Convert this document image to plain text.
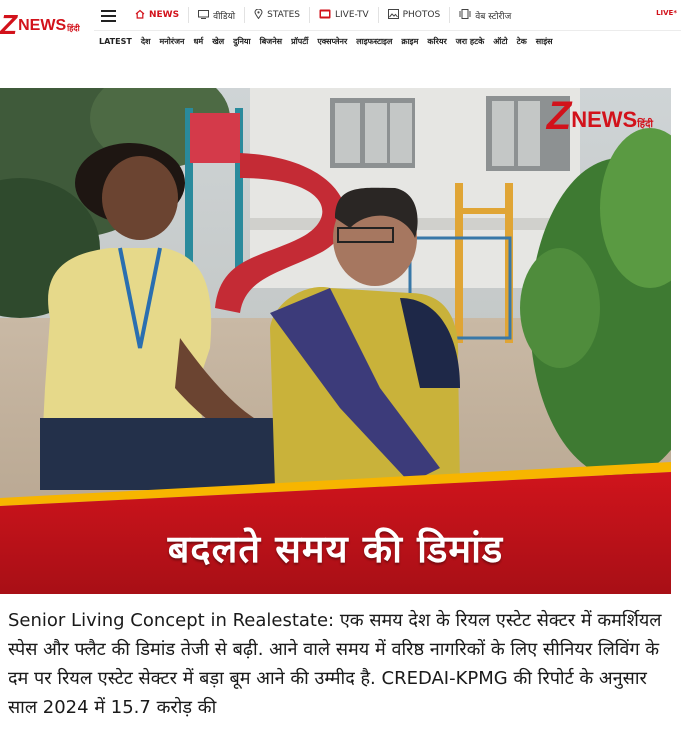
Z NEWS हिंदी
NEWS	वीडियो	STATES	LIVE-TV	PHOTOS	वेब स्टोरीज	LIVE*
LATEST देश मनोरंजन धर्म खेल दुनिया बिजनेस प्रॉपर्टी एक्सप्लेनर लाइफस्टाइल क्राइम करियर जरा हटके ऑटो टेक साइंस
Z NEWS हिंदी
बदलते समय की डिमांड

Senior Living Concept in Realestate: एक समय देश के रियल एस्टेट सेक्टर में कमर्शियल स्पेस और फ्लैट की डिमांड तेजी से बढ़ी. आने वाले समय में वरिष्ठ नागरिकों के लिए सीनियर लिविंग के दम पर रियल एस्टेट सेक्टर में बड़ा बूम आने की उम्मीद है. CREDAI-KPMG की रिपोर्ट के अनुसार साल 2024 में 15.7 करोड़ की
